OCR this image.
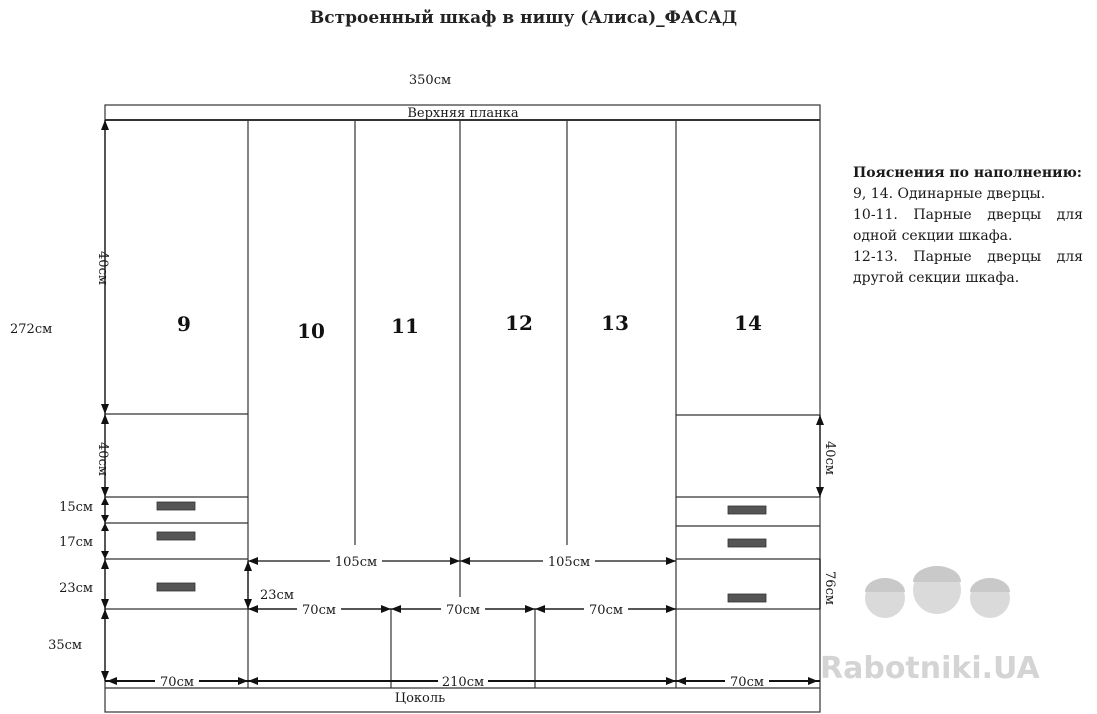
Встроенный шкаф в нишу (Алиса)_ФАСАД
Rabotniki.UA
Верхняя планка
Цоколь
9	10	11	12	13	14
40см
40см
15см
17см
23см
35см
350см
272см
23см
40см
76см
105см	105см
70см	70см	70см
70см	210см	70см
Пояснения по наполнению:
9, 14. Одинарные дверцы.
10-11. Парные дверцы для одной секции шкафа.
12-13. Парные дверцы для другой секции шкафа.
